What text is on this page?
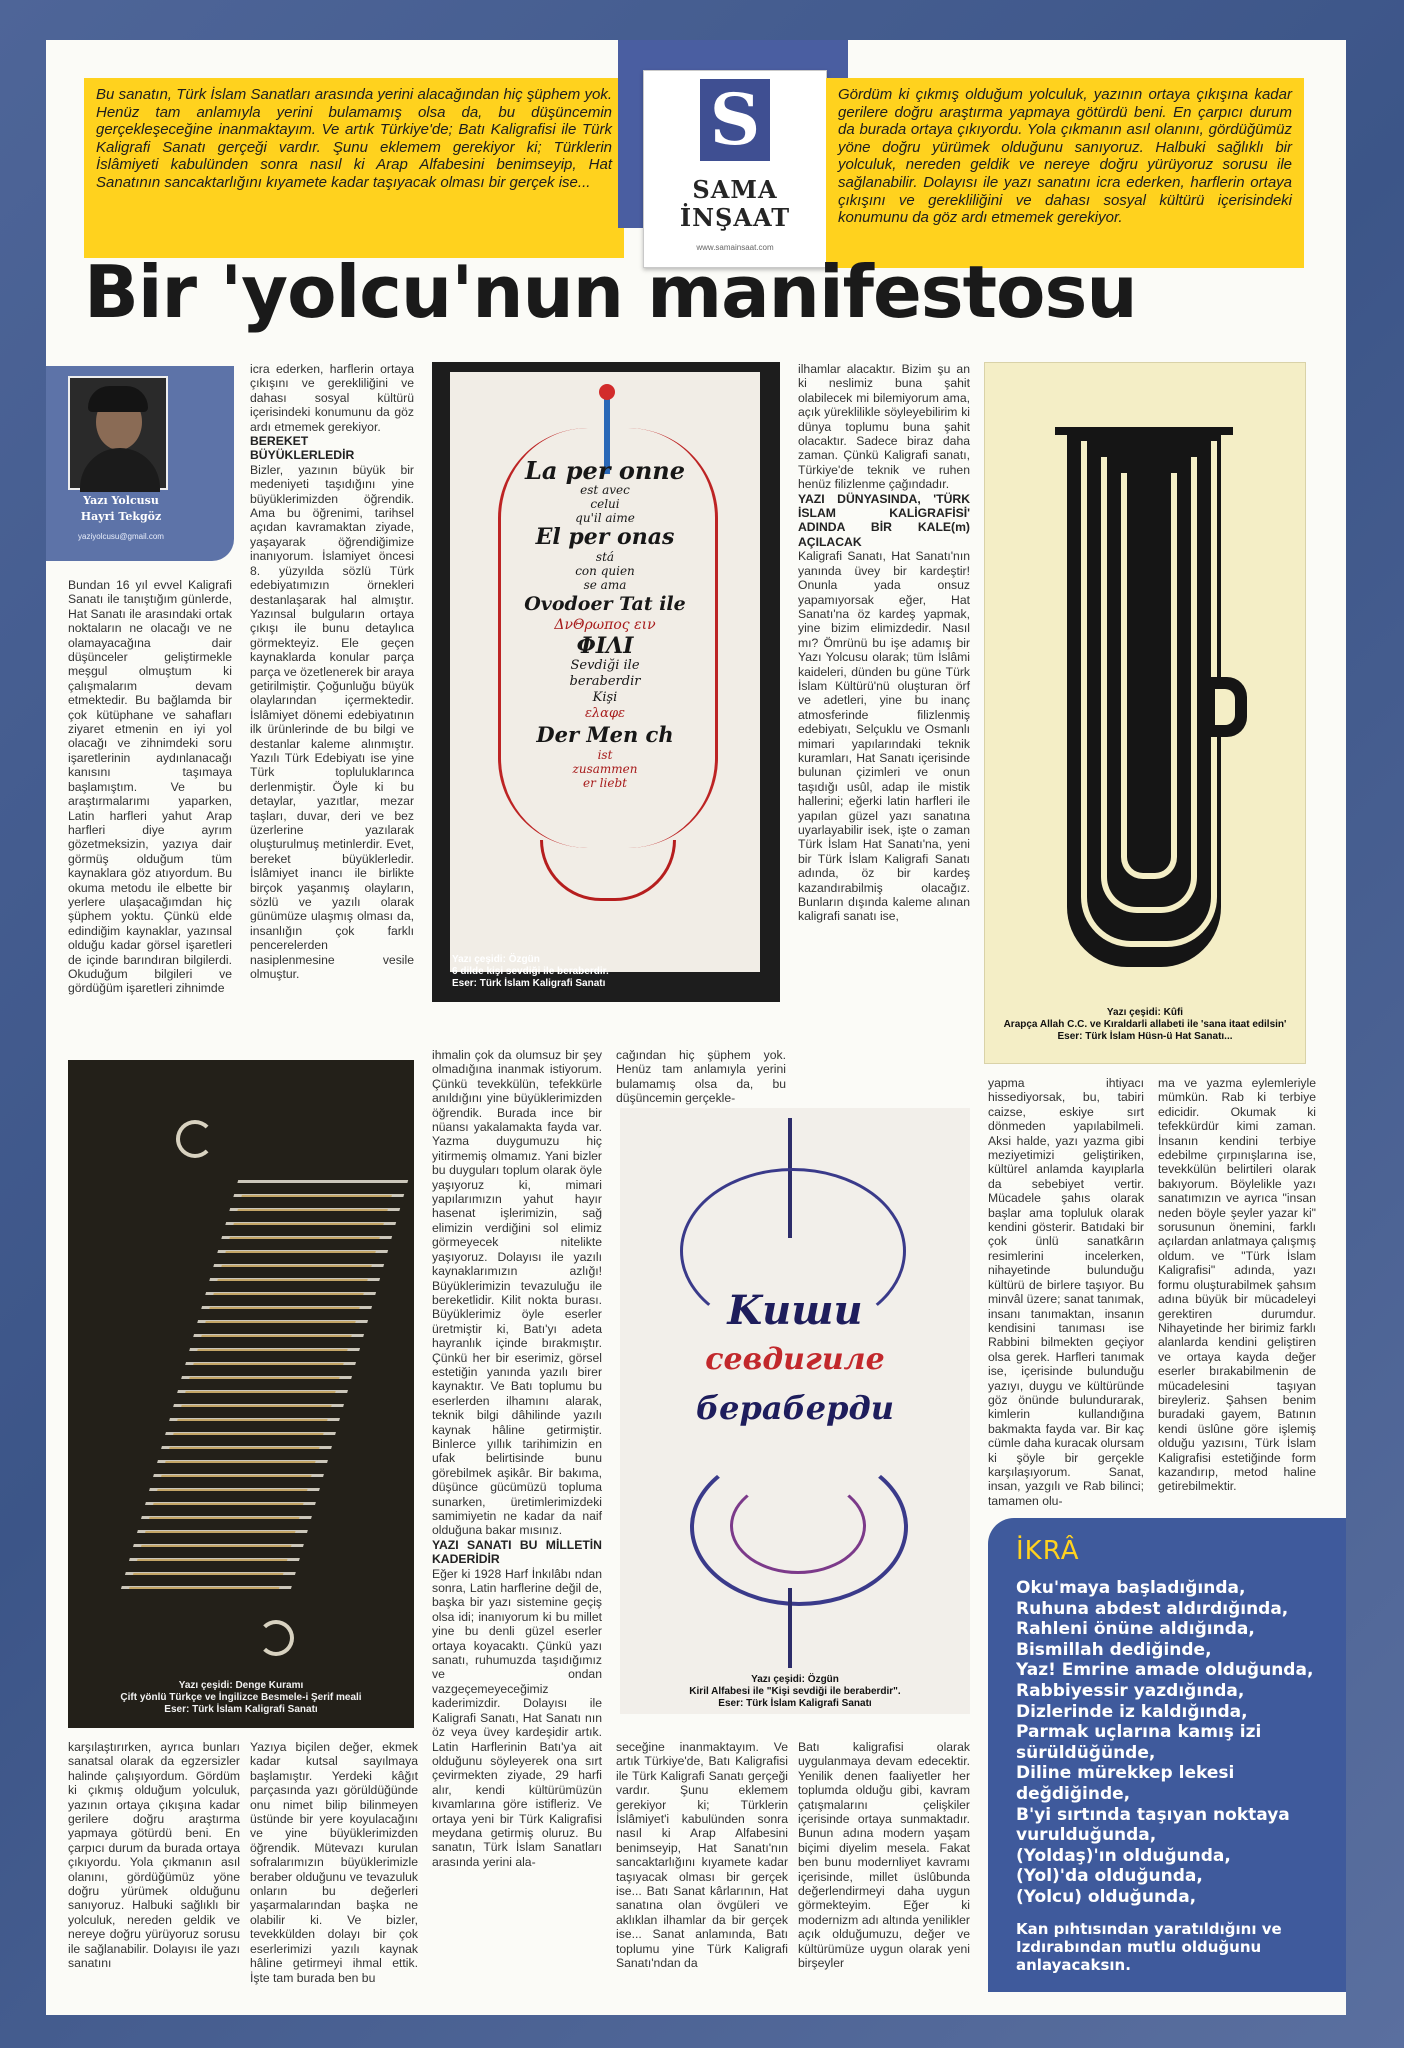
Bu sanatın, Türk İslam Sanatları arasında yerini alacağından hiç şüphem yok. Henüz tam anlamıyla yerini bulamamış olsa da, bu düşüncemin gerçekleşeceğine inanmaktayım. Ve artık Türkiye'de; Batı Kaligrafisi ile Türk Kaligrafi Sanatı gerçeği vardır. Şunu eklemem gerekiyor ki; Türklerin İslâmiyeti kabulünden sonra nasıl ki Arap Alfabesini benimseyip, Hat Sanatının sancaktarlığını kıyamete kadar taşıyacak olması bir gerçek ise...
S
SAMA
İNŞAAT
www.samainsaat.com
Gördüm ki çıkmış olduğum yolculuk, yazının ortaya çıkışına kadar gerilere doğru araştırma yapmaya götürdü beni. En çarpıcı durum da burada ortaya çıkıyordu. Yola çıkmanın asıl olanını, gördüğümüz yöne doğru yürümek olduğunu sanıyoruz. Halbuki sağlıklı bir yolculuk, nereden geldik ve nereye doğru yürüyoruz sorusu ile sağlanabilir. Dolayısı ile yazı sanatını icra ederken, harflerin ortaya çıkışını ve gerekliliğini ve dahası sosyal kültürü içerisindeki konumunu da göz ardı etmemek gerekiyor.
Bir 'yolcu'nun manifestosu
Yazı Yolcusu
Hayri Tekgöz
yaziyolcusu@gmail.com

Bundan 16 yıl evvel Kaligrafi Sanatı ile tanıştığım günlerde, Hat Sanatı ile arasındaki ortak noktaların ne olacağı ve ne olamayacağına dair düşünceler geliştirmekle meşgul olmuştum ki çalışmalarım devam etmektedir. Bu bağlamda bir çok kütüphane ve sahafları ziyaret etmenin en iyi yol olacağı ve zihnimdeki soru işaretlerinin aydınlanacağı kanısını taşımaya başlamıştım. Ve bu araştırmalarımı yaparken, Latin harfleri yahut Arap harfleri diye ayrım gözetmeksizin, yazıya dair görmüş olduğum tüm kaynaklara göz atıyordum. Bu okuma metodu ile elbette bir yerlere ulaşacağımdan hiç şüphem yoktu. Çünkü elde edindiğim kaynaklar, yazınsal olduğu kadar görsel işaretleri de içinde barındıran bilgilerdi. Okuduğum bilgileri ve gördüğüm işaretleri zihnimde

icra ederken, harflerin ortaya çıkışını ve gerekliliğini ve dahası sosyal kültürü içerisindeki konumunu da göz ardı etmemek gerekiyor.

BEREKET BÜYÜKLERLEDİR

Bizler, yazının büyük bir medeniyeti taşıdığını yine büyüklerimizden öğrendik. Ama bu öğrenimi, tarihsel açıdan kavramaktan ziyade, yaşayarak öğrendiğimize inanıyorum. İslamiyet öncesi 8. yüzyılda sözlü Türk edebiyatımızın örnekleri destanlaşarak hal almıştır. Yazınsal bulguların ortaya çıkışı ile bunu detaylıca görmekteyiz. Ele geçen kaynaklarda konular parça parça ve özetlenerek bir araya getirilmiştir. Çoğunluğu büyük olaylarından içermektedir. İslâmiyet dönemi edebiyatının ilk ürünlerinde de bu bilgi ve destanlar kaleme alınmıştır. Yazılı Türk Edebiyatı ise yine Türk topluluklarınca derlenmiştir. Öyle ki bu detaylar, yazıtlar, mezar taşları, duvar, deri ve bez üzerlerine yazılarak oluşturulmuş metinlerdir. Evet, bereket büyüklerledir. İslâmiyet inancı ile birlikte birçok yaşanmış olayların, sözlü ve yazılı olarak günümüze ulaşmış olması da, insanlığın çok farklı pencerelerden nasiplenmesine vesile olmuştur.

ilhamlar alacaktır. Bizim şu an ki neslimiz buna şahit olabilecek mi bilemiyorum ama, açık yüreklilikle söyleyebilirim ki dünya toplumu buna şahit olacaktır. Sadece biraz daha zaman. Çünkü Kaligrafi sanatı, Türkiye'de teknik ve ruhen henüz filizlenme çağındadır.

YAZI DÜNYASINDA, 'TÜRK İSLAM KALİGRAFİSİ' ADINDA BİR KALE(m) AÇILACAK

Kaligrafi Sanatı, Hat Sanatı'nın yanında üvey bir kardeştir! Onunla yada onsuz yapamıyorsak eğer, Hat Sanatı'na öz kardeş yapmak, yine bizim elimizdedir. Nasıl mı? Ömrünü bu işe adamış bir Yazı Yolcusu olarak; tüm İslâmi kaideleri, dünden bu güne Türk İslam Kültürü'nü oluşturan örf ve adetleri, yine bu inanç atmosferinde filizlenmiş edebiyatı, Selçuklu ve Osmanlı mimari yapılarındaki teknik kuramları, Hat Sanatı içerisinde bulunan çizimleri ve onun taşıdığı usûl, adap ile mistik hallerini; eğerki latin harfleri ile yapılan güzel yazı sanatına uyarlayabilir isek, işte o zaman Türk İslam Hat Sanatı'na, yeni bir Türk İslam Kaligrafi Sanatı adında, öz bir kardeş kazandırabilmiş olacağız. Bunların dışında kaleme alınan kaligrafi sanatı ise,

La per onne
est avec
celui
qu'il aime
El per onas
stá
con quien
se ama
Ovodoer Tat ile
ΔνΘρωπος ειν
ΦΙΛΙ
Sevdiği ile
beraberdir
Kişi
ελαφε
Der Men ch
ist
zusammen
er liebt
Yazı çeşidi: Özgün
6 dilde kişi sevdiği ile beraberdir.
Eser: Türk İslam Kaligrafi Sanatı
Yazı çeşidi: Kûfi
Arapça Allah C.C. ve Kıraldarli allabeti ile 'sana itaat edilsin'
Eser: Türk İslam Hüsn-ü Hat Sanatı...
Yazı çeşidi: Denge Kuramı
Çift yönlü Türkçe ve İngilizce Besmele-i Şerif meali
Eser: Türk İslam Kaligrafi Sanatı

ihmalin çok da olumsuz bir şey olmadığına inanmak istiyorum. Çünkü tevekkülün, tefekkürle anıldığını yine büyüklerimizden öğrendik. Burada ince bir nüansı yakalamakta fayda var. Yazma duygumuzu hiç yitirmemiş olmamız. Yani bizler bu duyguları toplum olarak öyle yaşıyoruz ki, mimari yapılarımızın yahut hayır hasenat işlerimizin, sağ elimizin verdiğini sol elimiz görmeyecek nitelikte yaşıyoruz. Dolayısı ile yazılı kaynaklarımızın azlığı! Büyüklerimizin tevazuluğu ile bereketlidir. Kilit nokta burası. Büyüklerimiz öyle eserler üretmiştir ki, Batı'yı adeta hayranlık içinde bırakmıştır. Çünkü her bir eserimiz, görsel estetiğin yanında yazılı birer kaynaktır. Ve Batı toplumu bu eserlerden ilhamını alarak, teknik bilgi dâhilinde yazılı kaynak hâline getirmiştir. Binlerce yıllık tarihimizin en ufak belirtisinde bunu görebilmek aşikâr. Bir bakıma, düşünce gücümüzü topluma sunarken, üretimlerimizdeki samimiyetin ne kadar da naif olduğuna bakar mısınız.

YAZI SANATI BU MİLLETİN KADERİDİR

Eğer ki 1928 Harf İnkılâbı ndan sonra, Latin harflerine değil de, başka bir yazı sistemine geçiş olsa idi; inanıyorum ki bu millet yine bu denli güzel eserler ortaya koyacaktı. Çünkü yazı sanatı, ruhumuzda taşıdığımız ve ondan vazgeçemeyeceğimiz kaderimizdir. Dolayısı ile Kaligrafi Sanatı, Hat Sanatı nın öz veya üvey kardeşidir artık. Latin Harflerinin Batı'ya ait olduğunu söyleyerek ona sırt çevirmekten ziyade, 29 harfi alır, kendi kültürümüzün kıvamlarına göre istifleriz. Ve ortaya yeni bir Türk Kaligrafisi meydana getirmiş oluruz. Bu sanatın, Türk İslam Sanatları arasında yerini ala-

cağından hiç şüphem yok. Henüz tam anlamıyla yerini bulamamış olsa da, bu düşüncemin gerçekle-

Kишu
севдигиле
бераберди
Yazı çeşidi: Özgün
Kiril Alfabesi ile "Kişi sevdiği ile beraberdir".
Eser: Türk İslam Kaligrafi Sanatı

yapma ihtiyacı hissediyorsak, bu, tabiri caizse, eskiye sırt dönmeden yapılabilmeli. Aksi halde, yazı yazma gibi meziyetimizi geliştiriken, kültürel anlamda kayıplarla da sebebiyet vertir. Mücadele şahıs olarak başlar ama topluluk olarak kendini gösterir. Batıdaki bir çok ünlü sanatkârın resimlerini incelerken, nihayetinde bulunduğu kültürü de birlere taşıyor. Bu minvâl üzere; sanat tanımak, insanı tanımaktan, insanın kendisini tanıması ise Rabbini bilmekten geçiyor olsa gerek. Harfleri tanımak ise, içerisinde bulunduğu yazıyı, duygu ve kültüründe göz önünde bulundurarak, kimlerin kullandığına bakmakta fayda var. Bir kaç cümle daha kuracak olursam ki şöyle bir gerçekle karşılaşıyorum. Sanat, insan, yazgılı ve Rab bilinci; tamamen olu-

ma ve yazma eylemleriyle mümkün. Rab ki terbiye edicidir. Okumak ki tefekkürdür kimi zaman. İnsanın kendini terbiye edebilme çırpınışlarına ise, tevekkülün belirtileri olarak bakıyorum. Böylelikle yazı sanatımızın ve ayrıca "insan neden böyle şeyler yazar ki" sorusunun önemini, farklı açılardan anlatmaya çalışmış oldum. ve "Türk İslam Kaligrafisi" adında, yazı formu oluşturabilmek şahsım adına büyük bir mücadeleyi gerektiren durumdur. Nihayetinde her birimiz farklı alanlarda kendini geliştiren ve ortaya kayda değer eserler bırakabilmenin de mücadelesini taşıyan bireyleriz. Şahsen benim buradaki gayem, Batının kendi üslûne göre işlemiş olduğu yazısını, Türk İslam Kaligrafisi estetiğinde form kazandırıp, metod haline getirebilmektir.

karşılaştırırken, ayrıca bunları sanatsal olarak da egzersizler halinde çalışıyordum. Gördüm ki çıkmış olduğum yolculuk, yazının ortaya çıkışına kadar gerilere doğru araştırma yapmaya götürdü beni. En çarpıcı durum da burada ortaya çıkıyordu. Yola çıkmanın asıl olanını, gördüğümüz yöne doğru yürümek olduğunu sanıyoruz. Halbuki sağlıklı bir yolculuk, nereden geldik ve nereye doğru yürüyoruz sorusu ile sağlanabilir. Dolayısı ile yazı sanatını

Yazıya biçilen değer, ekmek kadar kutsal sayılmaya başlamıştır. Yerdeki kâğıt parçasında yazı görüldüğünde onu nimet bilip bilinmeyen üstünde bir yere koyulacağını ve yine büyüklerimizden öğrendik. Mütevazı kurulan sofralarımızın büyüklerimizle beraber olduğunu ve tevazuluk onların bu değerleri yaşarmalarından başka ne olabilir ki. Ve bizler, tevekkülden dolayı bir çok eserlerimizi yazılı kaynak hâline getirmeyi ihmal ettik. İşte tam burada ben bu

seceğine inanmaktayım. Ve artık Türkiye'de, Batı Kaligrafisi ile Türk Kaligrafi Sanatı gerçeği vardır. Şunu eklemem gerekiyor ki; Türklerin İslâmiyet'i kabulünden sonra nasıl ki Arap Alfabesini benimseyip, Hat Sanatı'nın sancaktarlığını kıyamete kadar taşıyacak olması bir gerçek ise... Batı Sanat kârlarının, Hat sanatına olan övgüleri ve aklıklan ilhamlar da bir gerçek ise... Sanat anlamında, Batı toplumu yine Türk Kaligrafi Sanatı'ndan da

Batı kaligrafisi olarak uygulanmaya devam edecektir. Yenilik denen faaliyetler her toplumda olduğu gibi, kavram çatışmalarını çelişkiler içerisinde ortaya sunmaktadır. Bunun adına modern yaşam biçimi diyelim mesela. Fakat ben bunu modernliyet kavramı içerisinde, millet üslûbunda değerlendirmeyi daha uygun görmekteyim. Eğer ki modernizm adı altında yenilikler açık olduğumuzu, değer ve kültürümüze uygun olarak yeni birşeyler

İKRÂ
Oku'maya başladığında,
Ruhuna abdest aldırdığında,
Rahleni önüne aldığında,
Bismillah dediğinde,
Yaz! Emrine amade olduğunda,
Rabbiyessir yazdığında,
Dizlerinde iz kaldığında,
Parmak uçlarına kamış izi
sürüldüğünde,
Diline mürekkep lekesi
değdiğinde,
B'yi sırtında taşıyan noktaya
vurulduğunda,
(Yoldaş)'ın olduğunda,
(Yol)'da olduğunda,
(Yolcu) olduğunda,
Kan pıhtısından yaratıldığını ve Izdırabından mutlu olduğunu anlayacaksın.
